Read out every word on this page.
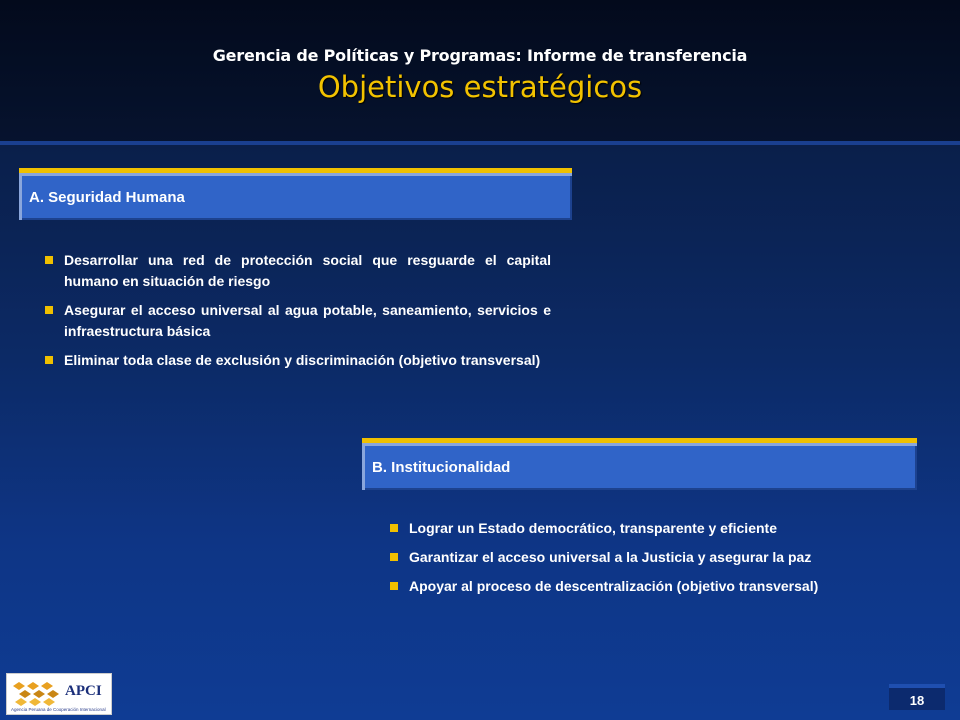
Gerencia de Políticas y Programas: Informe de transferencia
Objetivos estratégicos
A. Seguridad Humana
Desarrollar una red de protección social que resguarde el capital humano en situación de riesgo
Asegurar el acceso universal al agua potable, saneamiento, servicios e infraestructura básica
Eliminar toda clase de exclusión y discriminación (objetivo transversal)
B. Institucionalidad
Lograr un Estado democrático, transparente y eficiente
Garantizar el acceso universal a la Justicia y asegurar la paz
Apoyar al proceso de descentralización (objetivo transversal)
APCI
Agencia Peruana de Cooperación Internacional
18
